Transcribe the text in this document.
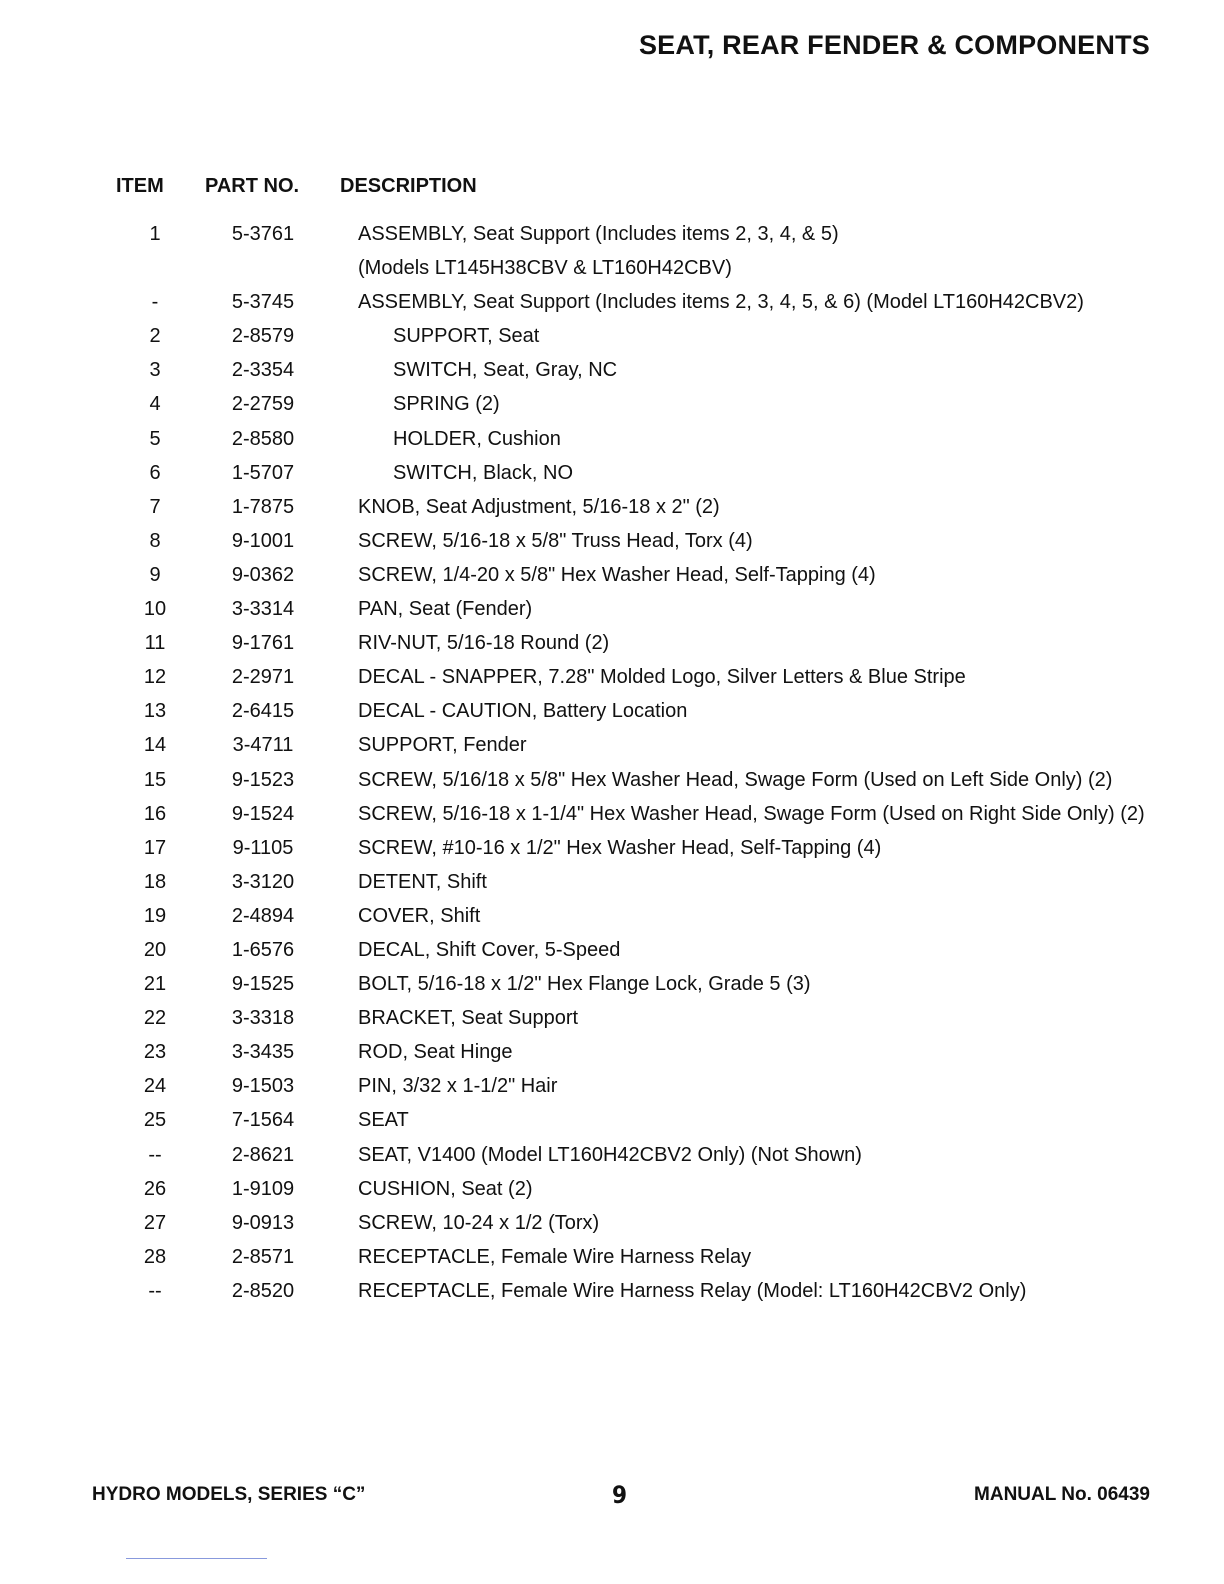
SEAT, REAR FENDER & COMPONENTS
ITEM PART NO. DESCRIPTION
1	5-3761	ASSEMBLY, Seat Support (Includes items 2, 3, 4, & 5)
(Models LT145H38CBV & LT160H42CBV)
-	5-3745	ASSEMBLY, Seat Support (Includes items 2, 3, 4, 5, & 6) (Model LT160H42CBV2)
2	2-8579	SUPPORT, Seat
3	2-3354	SWITCH, Seat, Gray, NC
4	2-2759	SPRING (2)
5	2-8580	HOLDER, Cushion
6	1-5707	SWITCH, Black, NO
7	1-7875	KNOB, Seat Adjustment, 5/16-18 x 2" (2)
8	9-1001	SCREW, 5/16-18 x 5/8" Truss Head, Torx (4)
9	9-0362	SCREW, 1/4-20 x 5/8" Hex Washer Head, Self-Tapping (4)
10	3-3314	PAN, Seat (Fender)
11	9-1761	RIV-NUT, 5/16-18 Round (2)
12	2-2971	DECAL - SNAPPER, 7.28" Molded Logo, Silver Letters & Blue Stripe
13	2-6415	DECAL - CAUTION, Battery Location
14	3-4711	SUPPORT, Fender
15	9-1523	SCREW, 5/16/18 x 5/8" Hex Washer Head, Swage Form (Used on Left Side Only) (2)
16	9-1524	SCREW, 5/16-18 x 1-1/4" Hex Washer Head, Swage Form (Used on Right Side Only) (2)
17	9-1105	SCREW, #10-16 x 1/2" Hex Washer Head, Self-Tapping (4)
18	3-3120	DETENT, Shift
19	2-4894	COVER, Shift
20	1-6576	DECAL, Shift Cover, 5-Speed
21	9-1525	BOLT, 5/16-18 x 1/2" Hex Flange Lock, Grade 5 (3)
22	3-3318	BRACKET, Seat Support
23	3-3435	ROD, Seat Hinge
24	9-1503	PIN, 3/32 x 1-1/2" Hair
25	7-1564	SEAT
--	2-8621	SEAT, V1400 (Model LT160H42CBV2 Only) (Not Shown)
26	1-9109	CUSHION, Seat (2)
27	9-0913	SCREW, 10-24 x 1/2 (Torx)
28	2-8571	RECEPTACLE, Female Wire Harness Relay
--	2-8520	RECEPTACLE, Female Wire Harness Relay (Model: LT160H42CBV2 Only)
HYDRO MODELS, SERIES “C”	9	MANUAL No. 06439
